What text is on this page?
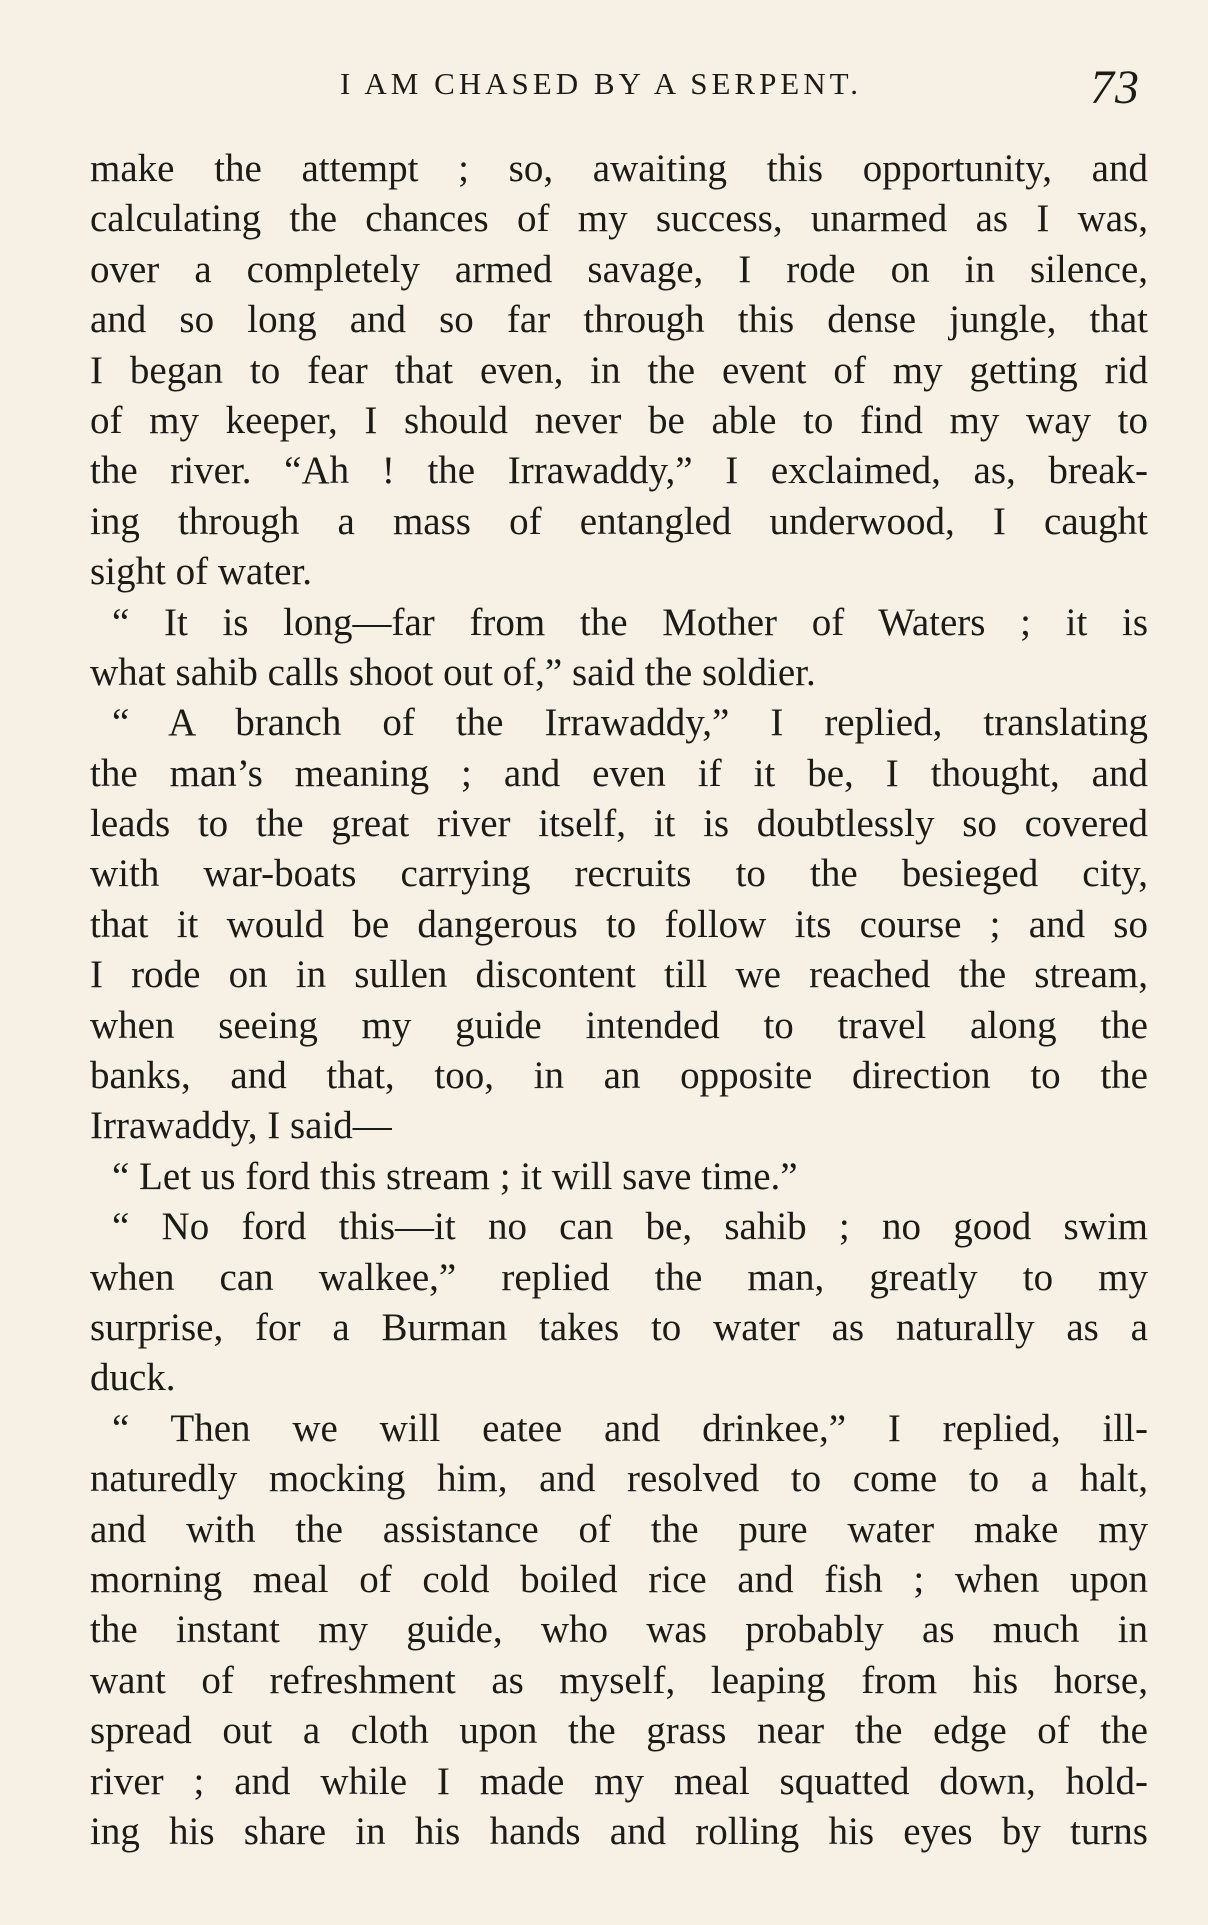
I AM CHASED BY A SERPENT.	73
make the attempt ; so, awaiting this opportunity, and
calculating the chances of my success, unarmed as I was,
over a completely armed savage, I rode on in silence,
and so long and so far through this dense jungle, that
I began to fear that even, in the event of my getting rid
of my keeper, I should never be able to find my way to
the river. “Ah ! the Irrawaddy,” I exclaimed, as, break-
ing through a mass of entangled underwood, I caught
sight of water.
“ It is long—far from the Mother of Waters ; it is
what sahib calls shoot out of,” said the soldier.
“ A branch of the Irrawaddy,” I replied, translating
the man’s meaning ; and even if it be, I thought, and
leads to the great river itself, it is doubtlessly so covered
with war-boats carrying recruits to the besieged city,
that it would be dangerous to follow its course ; and so
I rode on in sullen discontent till we reached the stream,
when seeing my guide intended to travel along the
banks, and that, too, in an opposite direction to the
Irrawaddy, I said—
“ Let us ford this stream ; it will save time.”
“ No ford this—it no can be, sahib ; no good swim
when can walkee,” replied the man, greatly to my
surprise, for a Burman takes to water as naturally as a
duck.
“ Then we will eatee and drinkee,” I replied, ill-
naturedly mocking him, and resolved to come to a halt,
and with the assistance of the pure water make my
morning meal of cold boiled rice and fish ; when upon
the instant my guide, who was probably as much in
want of refreshment as myself, leaping from his horse,
spread out a cloth upon the grass near the edge of the
river ; and while I made my meal squatted down, hold-
ing his share in his hands and rolling his eyes by turns
